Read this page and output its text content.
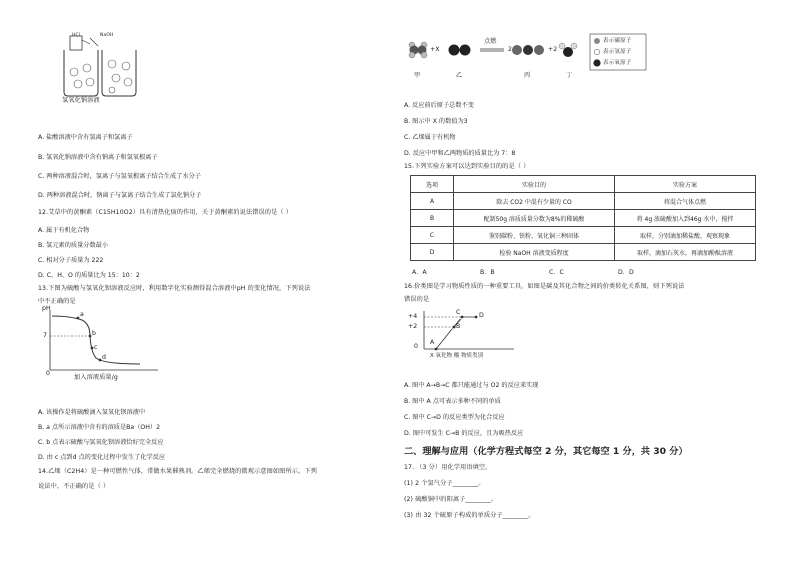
HCl	NaOH
氢氧化钠溶液
A. 盐酸溶液中含有氢离子和氯离子
B. 氢氧化钠溶液中含有钠离子和氢氧根离子
C. 两种溶液混合时，氢离子与氢氧根离子结合生成了水分子
D. 两种溶液混合时，钠离子与氯离子结合生成了氯化钠分子
12.艾草中的黄酮素（C15H10O2）具有清热化痰的作用，关于黄酮素的说法错误的是（ ）
A. 属于有机化合物
B. 氢元素的质量分数最小
C. 相对分子质量为 222
D. C、H、O 的质量比为 15：10：2
13.下图为硫酸与氢氧化钡溶液反应时，利用数字化实验测得混合溶液中pH 的变化情况，下列说法
中不正确的是
pH
7
0
a
b
c
d
加入溶液质量/g
A. 该操作是将硫酸滴入氢氧化钡溶液中
B. a 点所示溶液中含有的溶质是Ba（OH）2
C. b 点表示硫酸与氢氧化钡溶液恰好完全反应
D. 由 c 点到d 点的变化过程中发生了化学反应
14.乙烯（C2H4）是一种可燃性气体，常做水果催熟剂。乙烯完全燃烧的微观示意图如图所示。下列
说法中，不正确的是（ ）
+X
点燃
2	+2
表示碳原子
表示氢原子
表示氧原子
甲	乙	丙	丁
A. 反应前后原子总数不变
B. 图示中 X 的数值为3
C. 乙烯属于有机物
D. 反应中甲和乙两物质的质量比为 7：8
15.下列实验方案可以达到实验目的的是（ ）
选项	实验目的	实验方案
A	除去 CO2 中混有少量的 CO	将混合气体点燃
B	配制50g 溶质质量分数为8%的稀硫酸	将 4g 浓硫酸加入到46g 水中，搅拌
C	鉴别碳粉、铁粉、氧化铜三种固体	取样，分别滴加稀盐酸，观察现象
D	检验 NaOH 溶液变质程度	取样，滴加石灰水，再滴加酚酞溶液
A．A	B．B	C．C	D．D
16.价类图是学习物质性质的一种重要工具，如图是碳及其化合物之间的价类转化关系图，则下列说法
错误的是
+4
+2
0
A
B
C	D
X 氧化物 酸 物质类别
A. 图中 A→B→C 都只能通过与 O2 的反应来实现
B. 图中 A 点可表示多种不同的单质
C. 图中 C→D 的反应类型为化合反应
D. 图中可发生 C→B 的反应，且为吸热反应
二、理解与应用（化学方程式每空 2 分，其它每空 1 分，共 30 分）
17. （3 分）用化学用语填空。
(1) 2 个氢气分子________。
(2) 硫酸铜中的阳离子________。
(3) 由 32 个硫原子构成的单质分子________。
